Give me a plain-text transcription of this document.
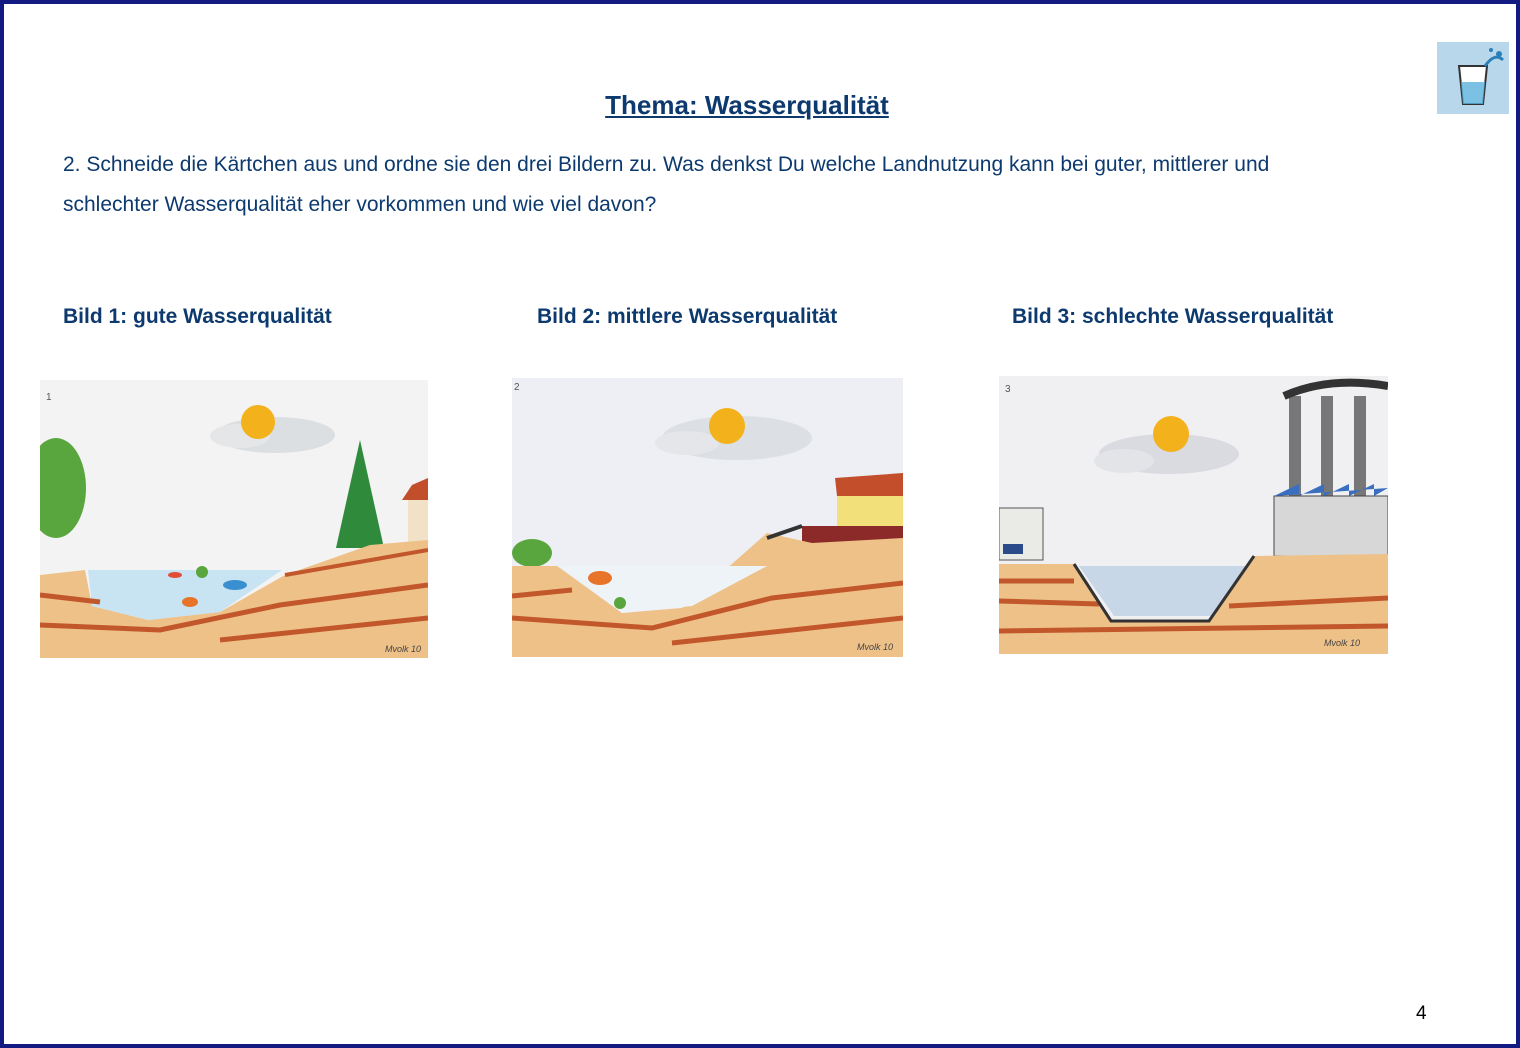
Thema: Wasserqualität
2. Schneide die Kärtchen aus und ordne sie den drei Bildern zu. Was denkst Du welche Landnutzung kann bei guter, mittlerer und
schlechter Wasserqualität eher vorkommen und wie viel davon?
Bild 1: gute Wasserqualität	Bild 2: mittlere Wasserqualität	Bild 3: schlechte Wasserqualität
1
Mvolk 10
2
Mvolk 10
3
Mvolk 10
4
